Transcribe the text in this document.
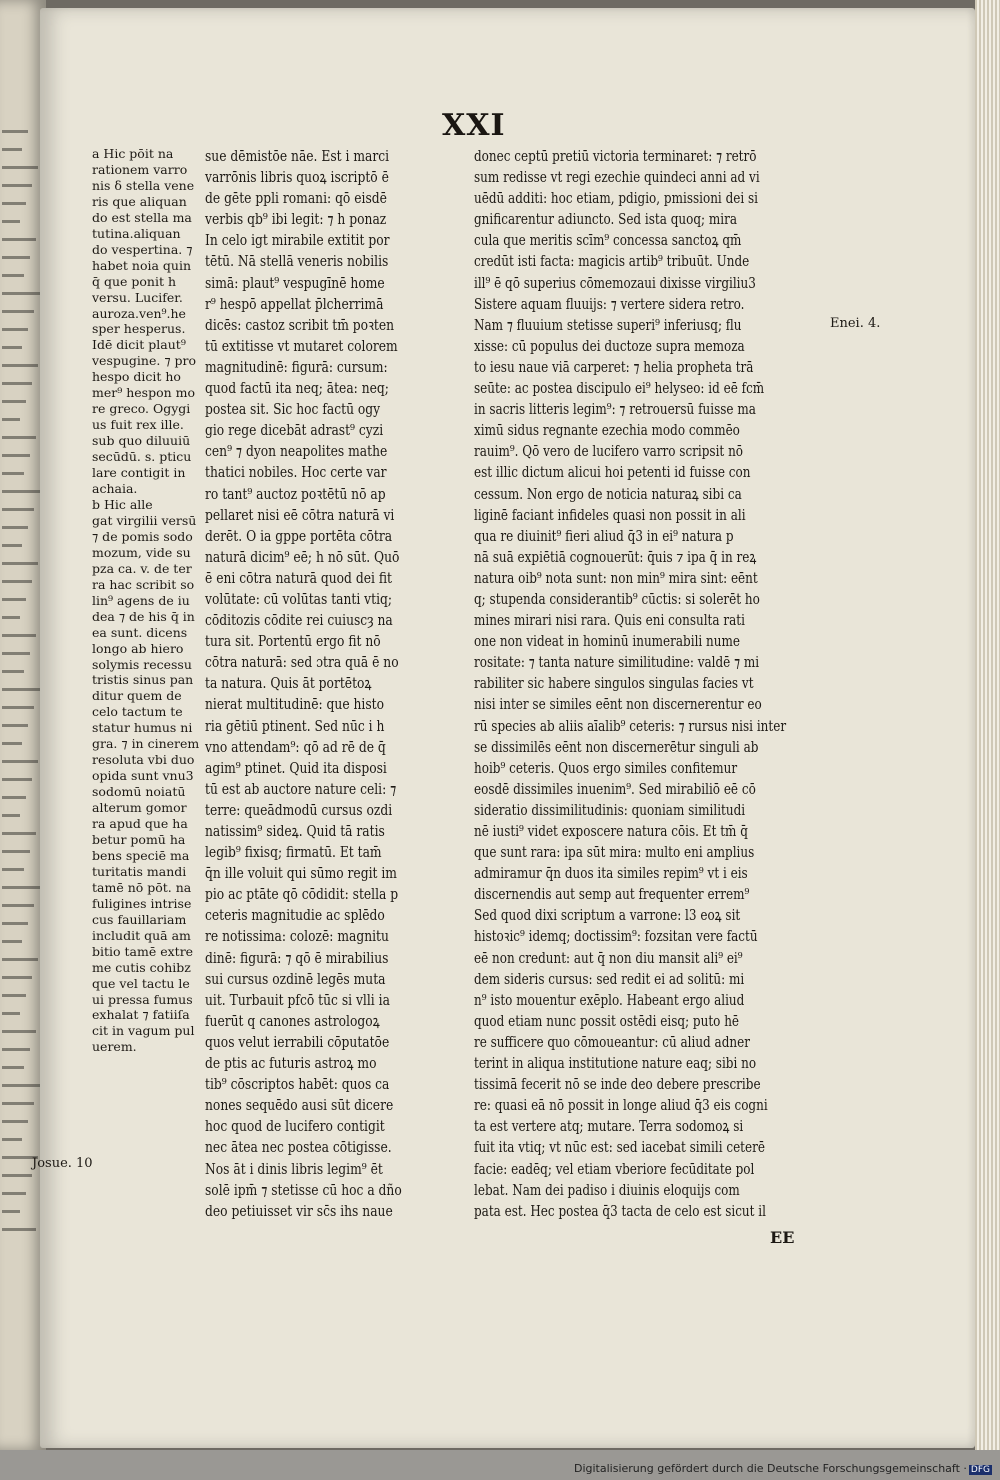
XXI
a Hic pōit na
rationem varro
nis δ stella vene
ris que aliquan
do est stella ma
tutina.aliquan
do vespertina. ⁊
habet noia quin
q̄ que ponit h
versu. Lucifer.
auroza.ven⁹.he
sper hesperus.
Idē dicit plaut⁹
vespugine. ⁊ pro
hespo dicit ho
mer⁹ hespon mo
re greco. Ogygi
us fuit rex ille.
sub quo diluuiū
secūdū. s. pticu
lare contigit in
achaia.
b Hic alle
gat virgilii versū
⁊ de pomis sodo
mozum, vide su
pza ca. v. de ter
ra hac scribit so
lin⁹ agens de iu
dea ⁊ de his q̄ in
ea sunt. dicens
longo ab hiero
solymis recessu
tristis sinus pan
ditur quem de
celo tactum te
statur humus ni
gra. ⁊ in cinerem
resoluta vbi duo
opida sunt vnu3
sodomū noiatū
alterum gomor
ra apud que ha
betur pomū ha
bens speciē ma
turitatis mandi
tamē nō pōt. na
fuligines intrise
cus fauillariam
includit quā am
bitio tamē extre
me cutis cohibz
que vel tactu le
ui pressa fumus
exhalat ⁊ fatiiſa
cit in vagum pul
uerem.
sue dēmistōe nāe. Est i marci
varrōnis libris quoꝝ iscriptō ē
de gēte ppli romani: qō eisdē
verbis qb⁹ ibi legit: ⁊ h ponaz
In celo igt mirabile extitit por
tētū. Nā stellā veneris nobilis
simā: plaut⁹ vespugīnē home
r⁹ hespō appellat p̄lcherrimā
dicēs: castoz scribit tm̄ poꝛten
tū extitisse vt mutaret colorem
magnitudinē: figurā: cursum:
quod factū ita neq; ātea: neq;
postea sit. Sic hoc factū ogy
gio rege dicebāt adrast⁹ cyzi
cen⁹ ⁊ dyon neapolites mathe
thatici nobiles. Hoc certe var
ro tant⁹ auctoz poꝛtētū nō ap
pellaret nisi eē cōtra naturā vi
derēt. O ia gppe portēta cōtra
naturā dicim⁹ eē; h nō sūt. Quō
ē eni cōtra naturā quod dei fit
volūtate: cū volūtas tanti vtiq;
cōditozis cōdite rei cuiuscȝ na
tura sit. Portentū ergo fit nō
cōtra naturā: sed ɔtra quā ē no
ta natura. Quis āt portētoꝝ
nierat multitudinē: que histo
ria gētiū ptinent. Sed nūc i h
vno attendam⁹: qō ad rē de q̄
agim⁹ ptinet. Quid ita disposi
tū est ab auctore nature celi: ⁊
terre: queādmodū cursus ozdi
natissim⁹ sideꝝ. Quid tā ratis
legib⁹ fixisq; firmatū. Et tam̄
q̄n ille voluit qui sūmo regit im
pio ac ptāte qō cōdidit: stella p
ceteris magnitudie ac splēdo
re notissima: colozē: magnitu
dinē: figurā: ⁊ qō ē mirabilius
sui cursus ozdinē legēs muta
uit. Turbauit pfcō tūc si vlli ia
fuerūt q canones astrologoꝝ
quos velut ierrabili cōputatōe
de ptis ac futuris astroꝝ mo
tib⁹ cōscriptos habēt: quos ca
nones sequēdo ausi sūt dicere
hoc quod de lucifero contigit
nec ātea nec postea cōtigisse.
Nos āt i dinis libris legim⁹ ēt
solē ipm̄ ⁊ stetisse cū hoc a dño
deo petiuisset vir sc̄s ihs naue
donec ceptū pretiū victoria terminaret: ⁊ retrō
sum redisse vt regi ezechie quindeci anni ad vi
uēdū additi: hoc etiam, pdigio, pmissioni dei si
gnificarentur adiuncto. Sed ista quoq; mira
cula que meritis scīm⁹ concessa sanctoꝝ qm̄
credūt isti facta: magicis artib⁹ tribuūt. Unde
ill⁹ ē qō superius cōmemozaui dixisse virgiliu3
Sistere aquam fluuijs: ⁊ vertere sidera retro.
Nam ⁊ fluuium stetisse superi⁹ inferiusq; flu
xisse: cū populus dei ductoze supra memoza
to iesu naue viā carperet: ⁊ helia propheta trā
seūte: ac postea discipulo ei⁹ helyseo: id eē fcm̄
in sacris litteris legim⁹: ⁊ retrouersū fuisse ma
ximū sidus regnante ezechia modo commēo
rauim⁹. Qō vero de lucifero varro scripsit nō
est illic dictum alicui hoi petenti id fuisse con
cessum. Non ergo de noticia naturaꝝ sibi ca
liginē faciant infideles quasi non possit in ali
qua re diuinit⁹ fieri aliud q̄3 in ei⁹ natura p
nā suā expiētiā cognouerūt: q̄uis ⁊ ipa q̄ in reꝝ
natura oib⁹ nota sunt: non min⁹ mira sint: eēnt
q; stupenda considerantib⁹ cūctis: si solerēt ho
mines mirari nisi rara. Quis eni consulta rati
one non videat in hominū inumerabili nume
rositate: ⁊ tanta nature similitudine: valdē ⁊ mi
rabiliter sic habere singulos singulas facies vt
nisi inter se similes eēnt non discernerentur eo
rū species ab aliis aīalib⁹ ceteris: ⁊ rursus nisi inter
se dissimilēs eēnt non discernerētur singuli ab
hoib⁹ ceteris. Quos ergo similes confitemur
eosdē dissimiles inuenim⁹. Sed mirabiliō eē cō
sideratio dissimilitudinis: quoniam similitudi
nē iusti⁹ videt exposcere natura cōis. Et tm̄ q̄
que sunt rara: ipa sūt mira: multo eni amplius
admiramur q̄n duos ita similes repim⁹ vt i eis
discernendis aut semp aut frequenter errem⁹
Sed quod dixi scriptum a varrone: l3 eoꝝ sit
histoꝛic⁹ idemq; doctissim⁹: fozsitan vere factū
eē non credunt: aut q̄ non diu mansit ali⁹ ei⁹
dem sideris cursus: sed redit ei ad solitū: mi
n⁹ isto mouentur exēplo. Habeant ergo aliud
quod etiam nunc possit ostēdi eisq; puto hē
re sufficere quo cōmoueantur: cū aliud adner
terint in aliqua institutione nature eaq; sibi no
tissimā fecerit nō se inde deo debere prescribe
re: quasi eā nō possit in longe aliud q̄3 eis cogni
ta est vertere atq; mutare. Terra sodomoꝝ si
fuit ita vtiq; vt nūc est: sed iacebat simili ceterē
facie: eadēq; vel etiam vberiore fecūditate pol
lebat. Nam dei padiso i diuinis eloquijs com
pata est. Hec postea q̄3 tacta de celo est sicut il
Enei. 4.
Josue. 10
EE
Digitalisierung gefördert durch die Deutsche Forschungsgemeinschaft · DFG
